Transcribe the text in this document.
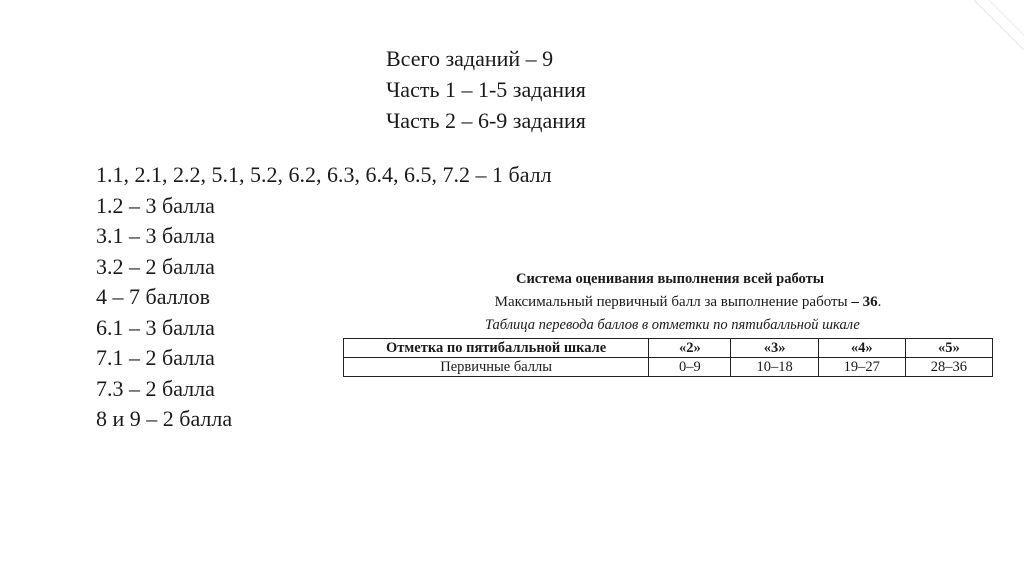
Всего заданий – 9
Часть 1 – 1-5 задания
Часть 2 – 6-9 задания
1.1, 2.1, 2.2, 5.1, 5.2, 6.2, 6.3, 6.4, 6.5, 7.2 – 1 балл
1.2 – 3 балла
3.1 – 3 балла
3.2 – 2 балла
4 – 7 баллов
6.1 – 3 балла
7.1 – 2 балла
7.3 – 2 балла
8 и 9 – 2 балла
Система оценивания выполнения всей работы
Максимальный первичный балл за выполнение работы – 36.
Таблица перевода баллов в отметки по пятибалльной шкале
Отметка по пятибалльной шкале	«2»	«3»	«4»	«5»
Первичные баллы	0–9	10–18	19–27	28–36
